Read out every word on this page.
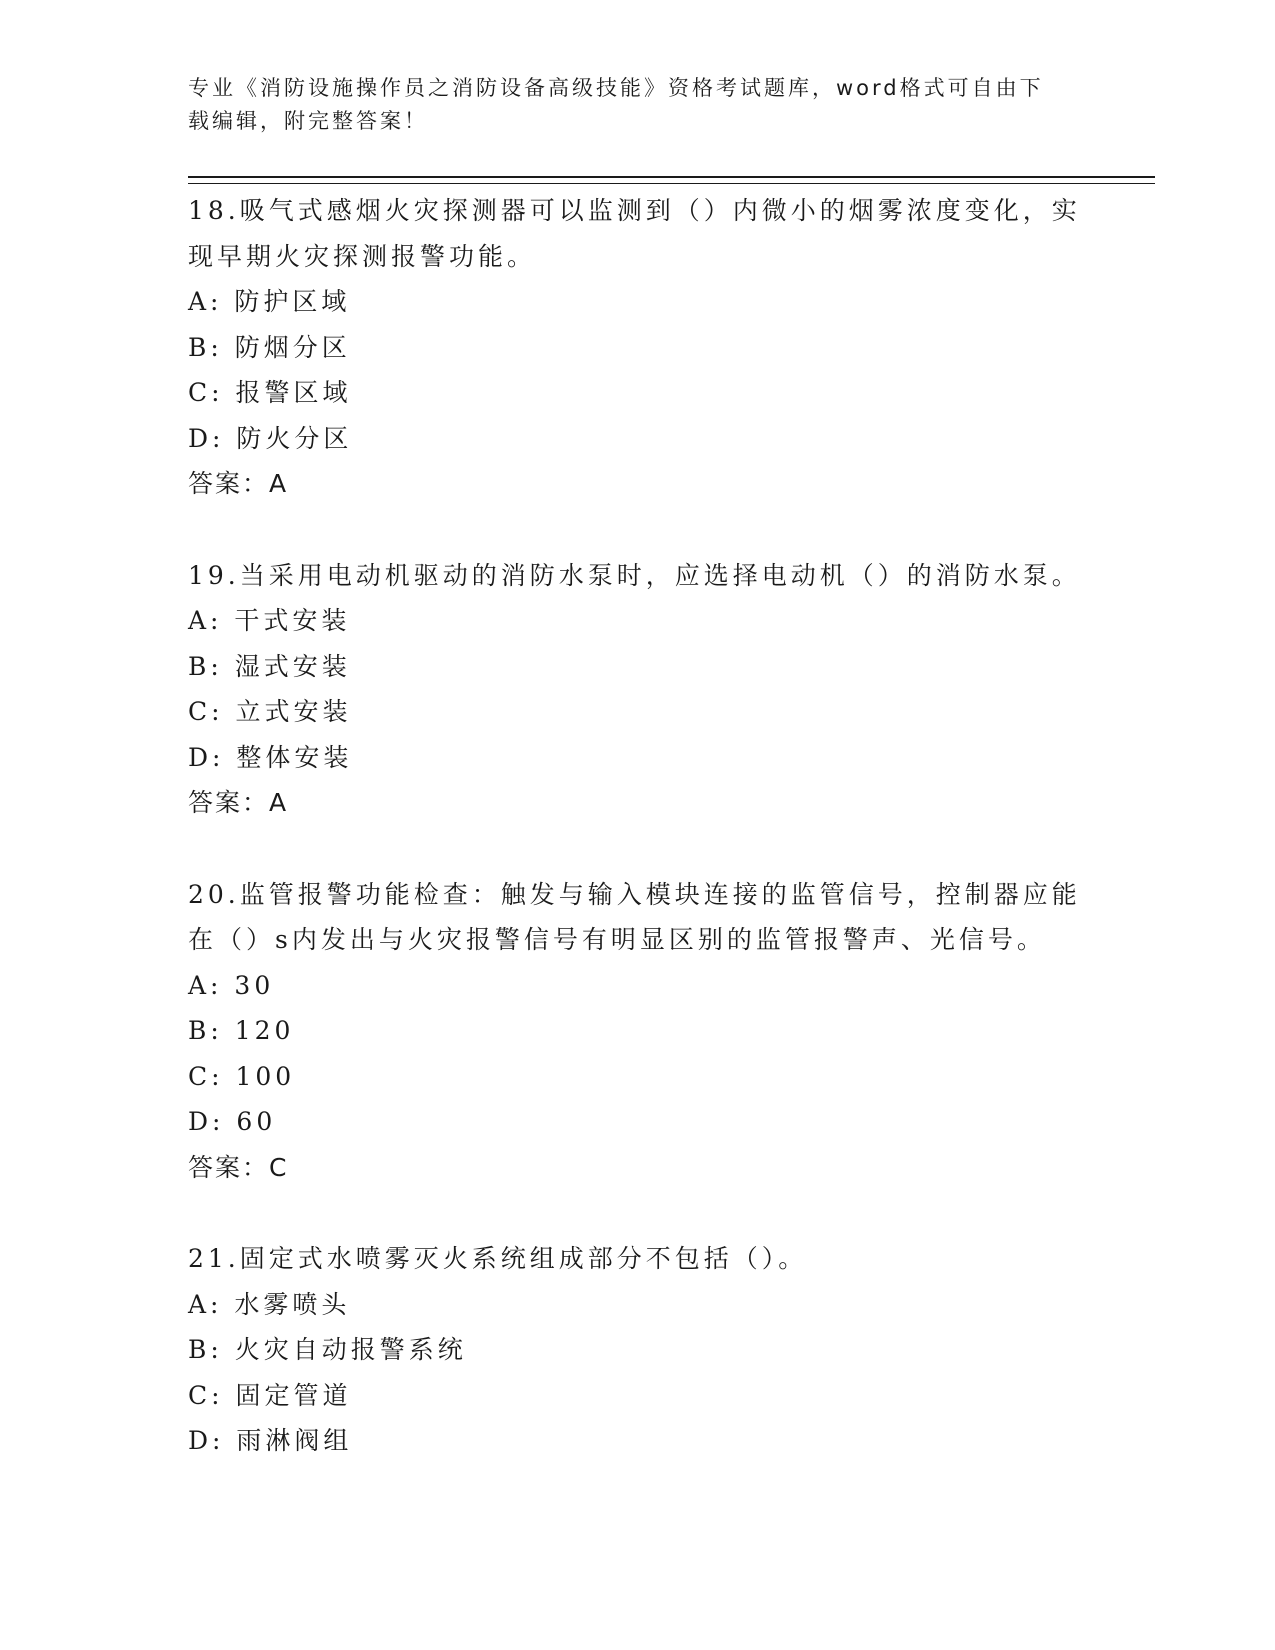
专业《消防设施操作员之消防设备高级技能》资格考试题库，word格式可自由下
载编辑，附完整答案！
18.吸气式感烟火灾探测器可以监测到（）内微小的烟雾浓度变化，实
现早期火灾探测报警功能。
A: 防护区域
B: 防烟分区
C: 报警区域
D: 防火分区
答案：A
19.当采用电动机驱动的消防水泵时，应选择电动机（）的消防水泵。
A: 干式安装
B: 湿式安装
C: 立式安装
D: 整体安装
答案：A
20.监管报警功能检查：触发与输入模块连接的监管信号，控制器应能
在（）s内发出与火灾报警信号有明显区别的监管报警声、光信号。
A: 30
B: 120
C: 100
D: 60
答案：C
21.固定式水喷雾灭火系统组成部分不包括（）。
A: 水雾喷头
B: 火灾自动报警系统
C: 固定管道
D: 雨淋阀组
